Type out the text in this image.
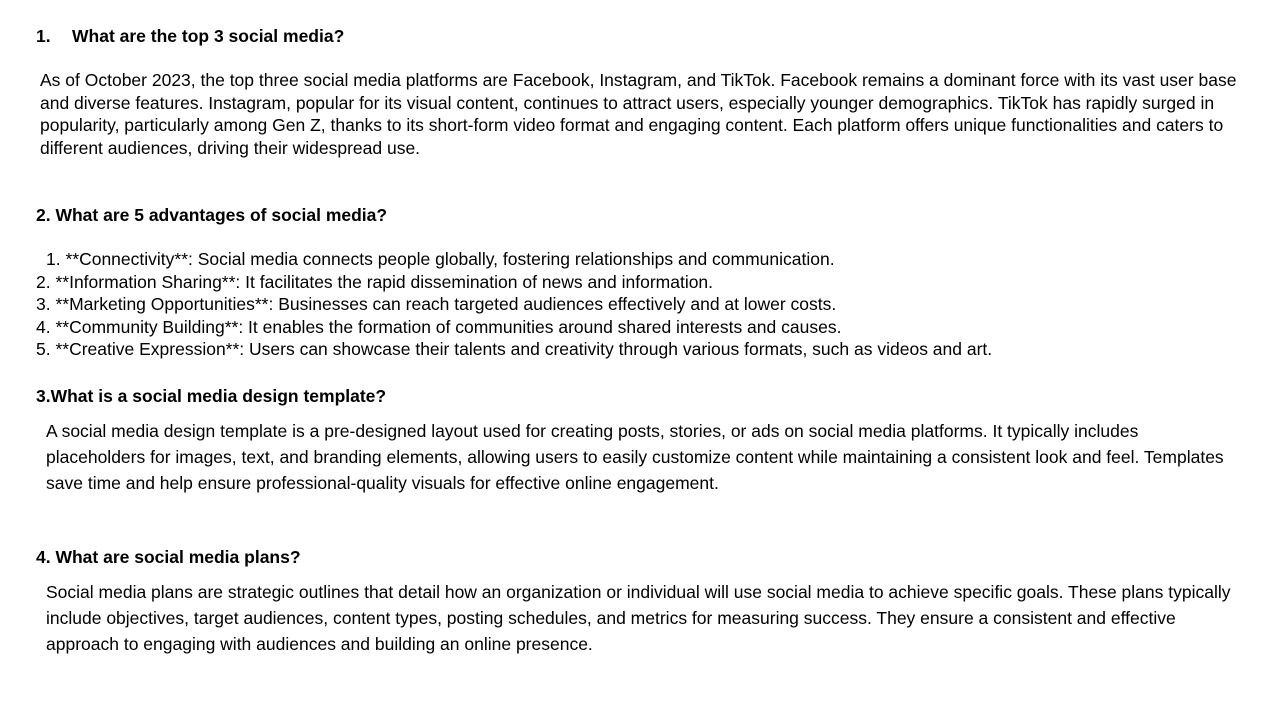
1. What are the top 3 social media?
As of October 2023, the top three social media platforms are Facebook, Instagram, and TikTok. Facebook remains a dominant force with its vast user base and diverse features. Instagram, popular for its visual content, continues to attract users, especially younger demographics. TikTok has rapidly surged in popularity, particularly among Gen Z, thanks to its short-form video format and engaging content. Each platform offers unique functionalities and caters to different audiences, driving their widespread use.
2. What are 5 advantages of social media?
1. **Connectivity**: Social media connects people globally, fostering relationships and communication.
2. **Information Sharing**: It facilitates the rapid dissemination of news and information.
3. **Marketing Opportunities**: Businesses can reach targeted audiences effectively and at lower costs.
4. **Community Building**: It enables the formation of communities around shared interests and causes.
5. **Creative Expression**: Users can showcase their talents and creativity through various formats, such as videos and art.
3.What is a social media design template?
A social media design template is a pre-designed layout used for creating posts, stories, or ads on social media platforms. It typically includes placeholders for images, text, and branding elements, allowing users to easily customize content while maintaining a consistent look and feel. Templates save time and help ensure professional-quality visuals for effective online engagement.
4. What are social media plans?
Social media plans are strategic outlines that detail how an organization or individual will use social media to achieve specific goals. These plans typically include objectives, target audiences, content types, posting schedules, and metrics for measuring success. They ensure a consistent and effective approach to engaging with audiences and building an online presence.
